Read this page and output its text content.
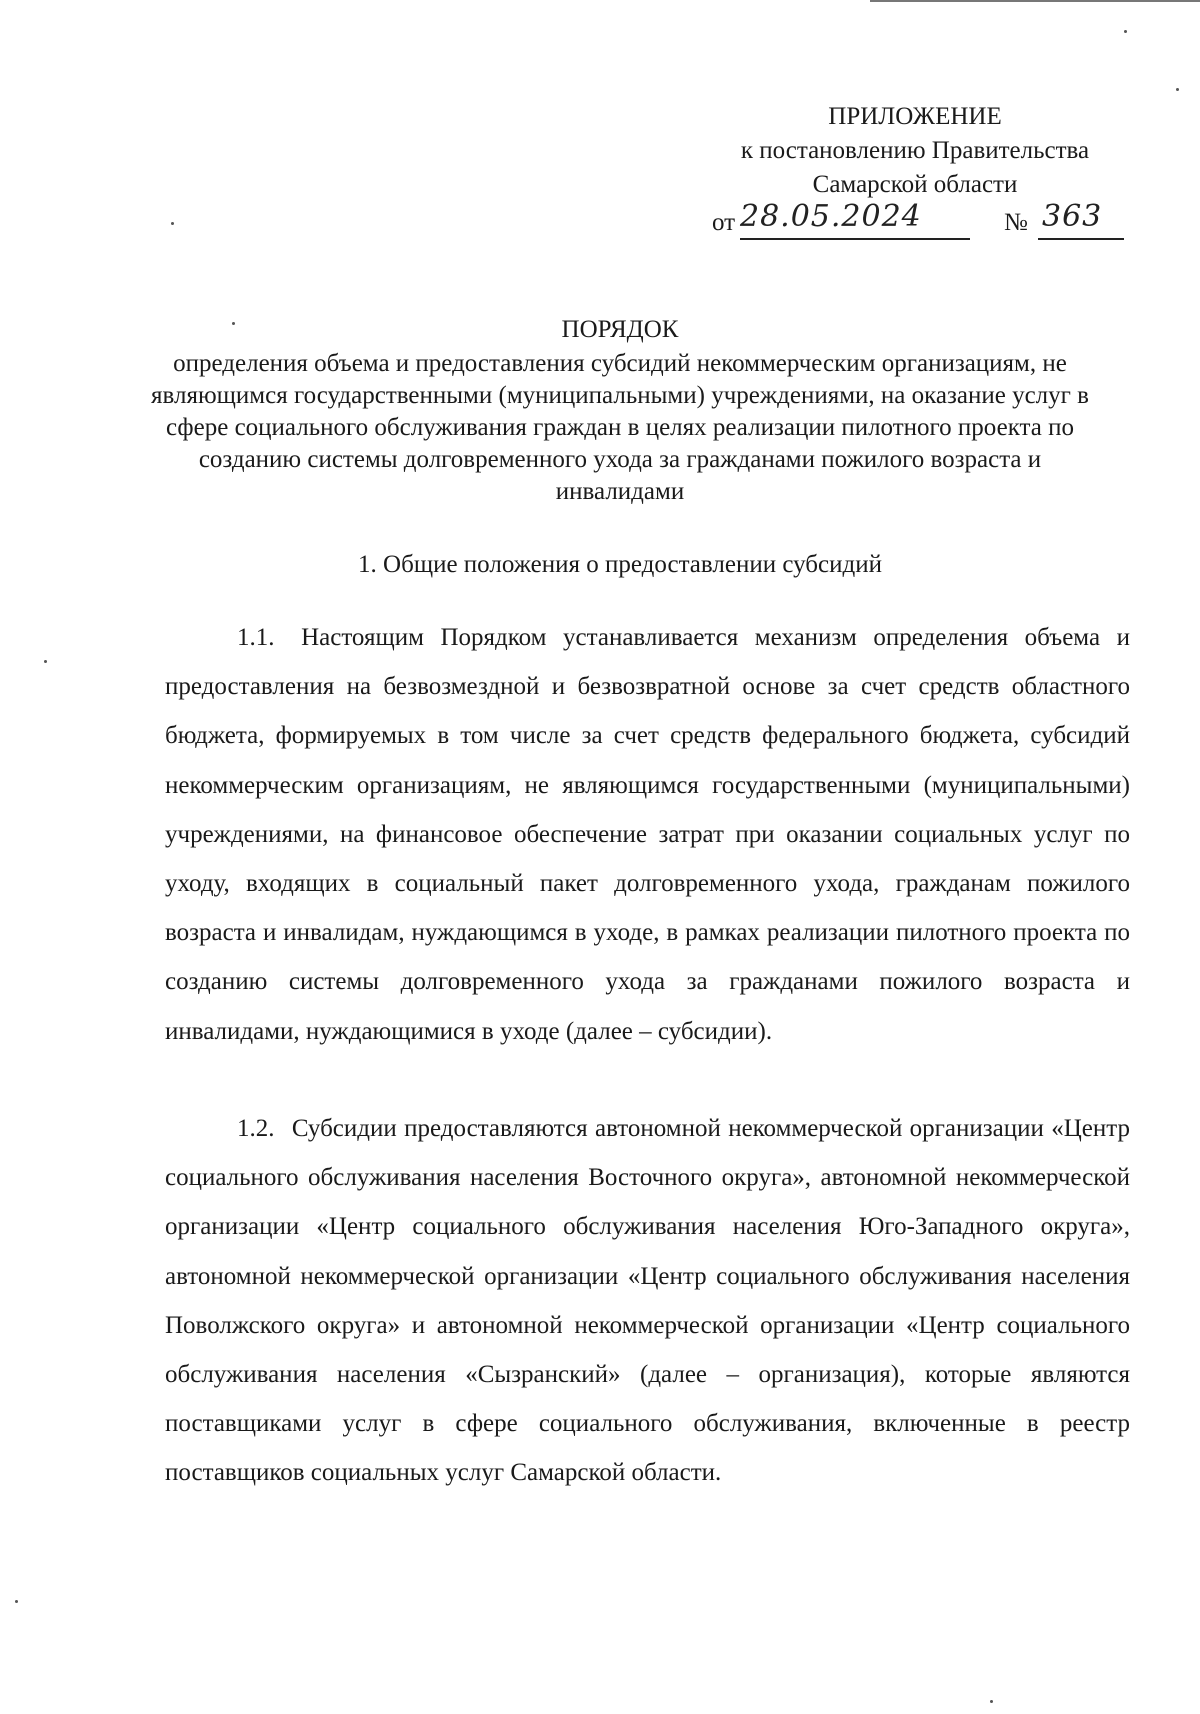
ПРИЛОЖЕНИЕ
к постановлению Правительства
Самарской области
от 28.05.2024	№ 363
ПОРЯДОК
определения объема и предоставления субсидий некоммерческим организациям, не являющимся государственными (муниципальными) учреждениями, на оказание услуг в сфере социального обслуживания граждан в целях реализации пилотного проекта по созданию системы долговременного ухода за гражданами пожилого возраста и инвалидами
1. Общие положения о предоставлении субсидий
1.1. Настоящим Порядком устанавливается механизм определения объема и предоставления на безвозмездной и безвозвратной основе за счет средств областного бюджета, формируемых в том числе за счет средств федерального бюджета, субсидий некоммерческим организациям, не являющимся государственными (муниципальными) учреждениями, на финансовое обеспечение затрат при оказании социальных услуг по уходу, входящих в социальный пакет долговременного ухода, гражданам пожилого возраста и инвалидам, нуждающимся в уходе, в рамках реализации пилотного проекта по созданию системы долговременного ухода за гражданами пожилого возраста и инвалидами, нуждающимися в уходе (далее – субсидии).
1.2. Субсидии предоставляются автономной некоммерческой организации «Центр социального обслуживания населения Восточного округа», автономной некоммерческой организации «Центр социального обслуживания населения Юго-Западного округа», автономной некоммерческой организации «Центр социального обслуживания населения Поволжского округа» и автономной некоммерческой организации «Центр социального обслуживания населения «Сызранский» (далее – организация), которые являются поставщиками услуг в сфере социального обслуживания, включенные в реестр поставщиков социальных услуг Самарской области.
